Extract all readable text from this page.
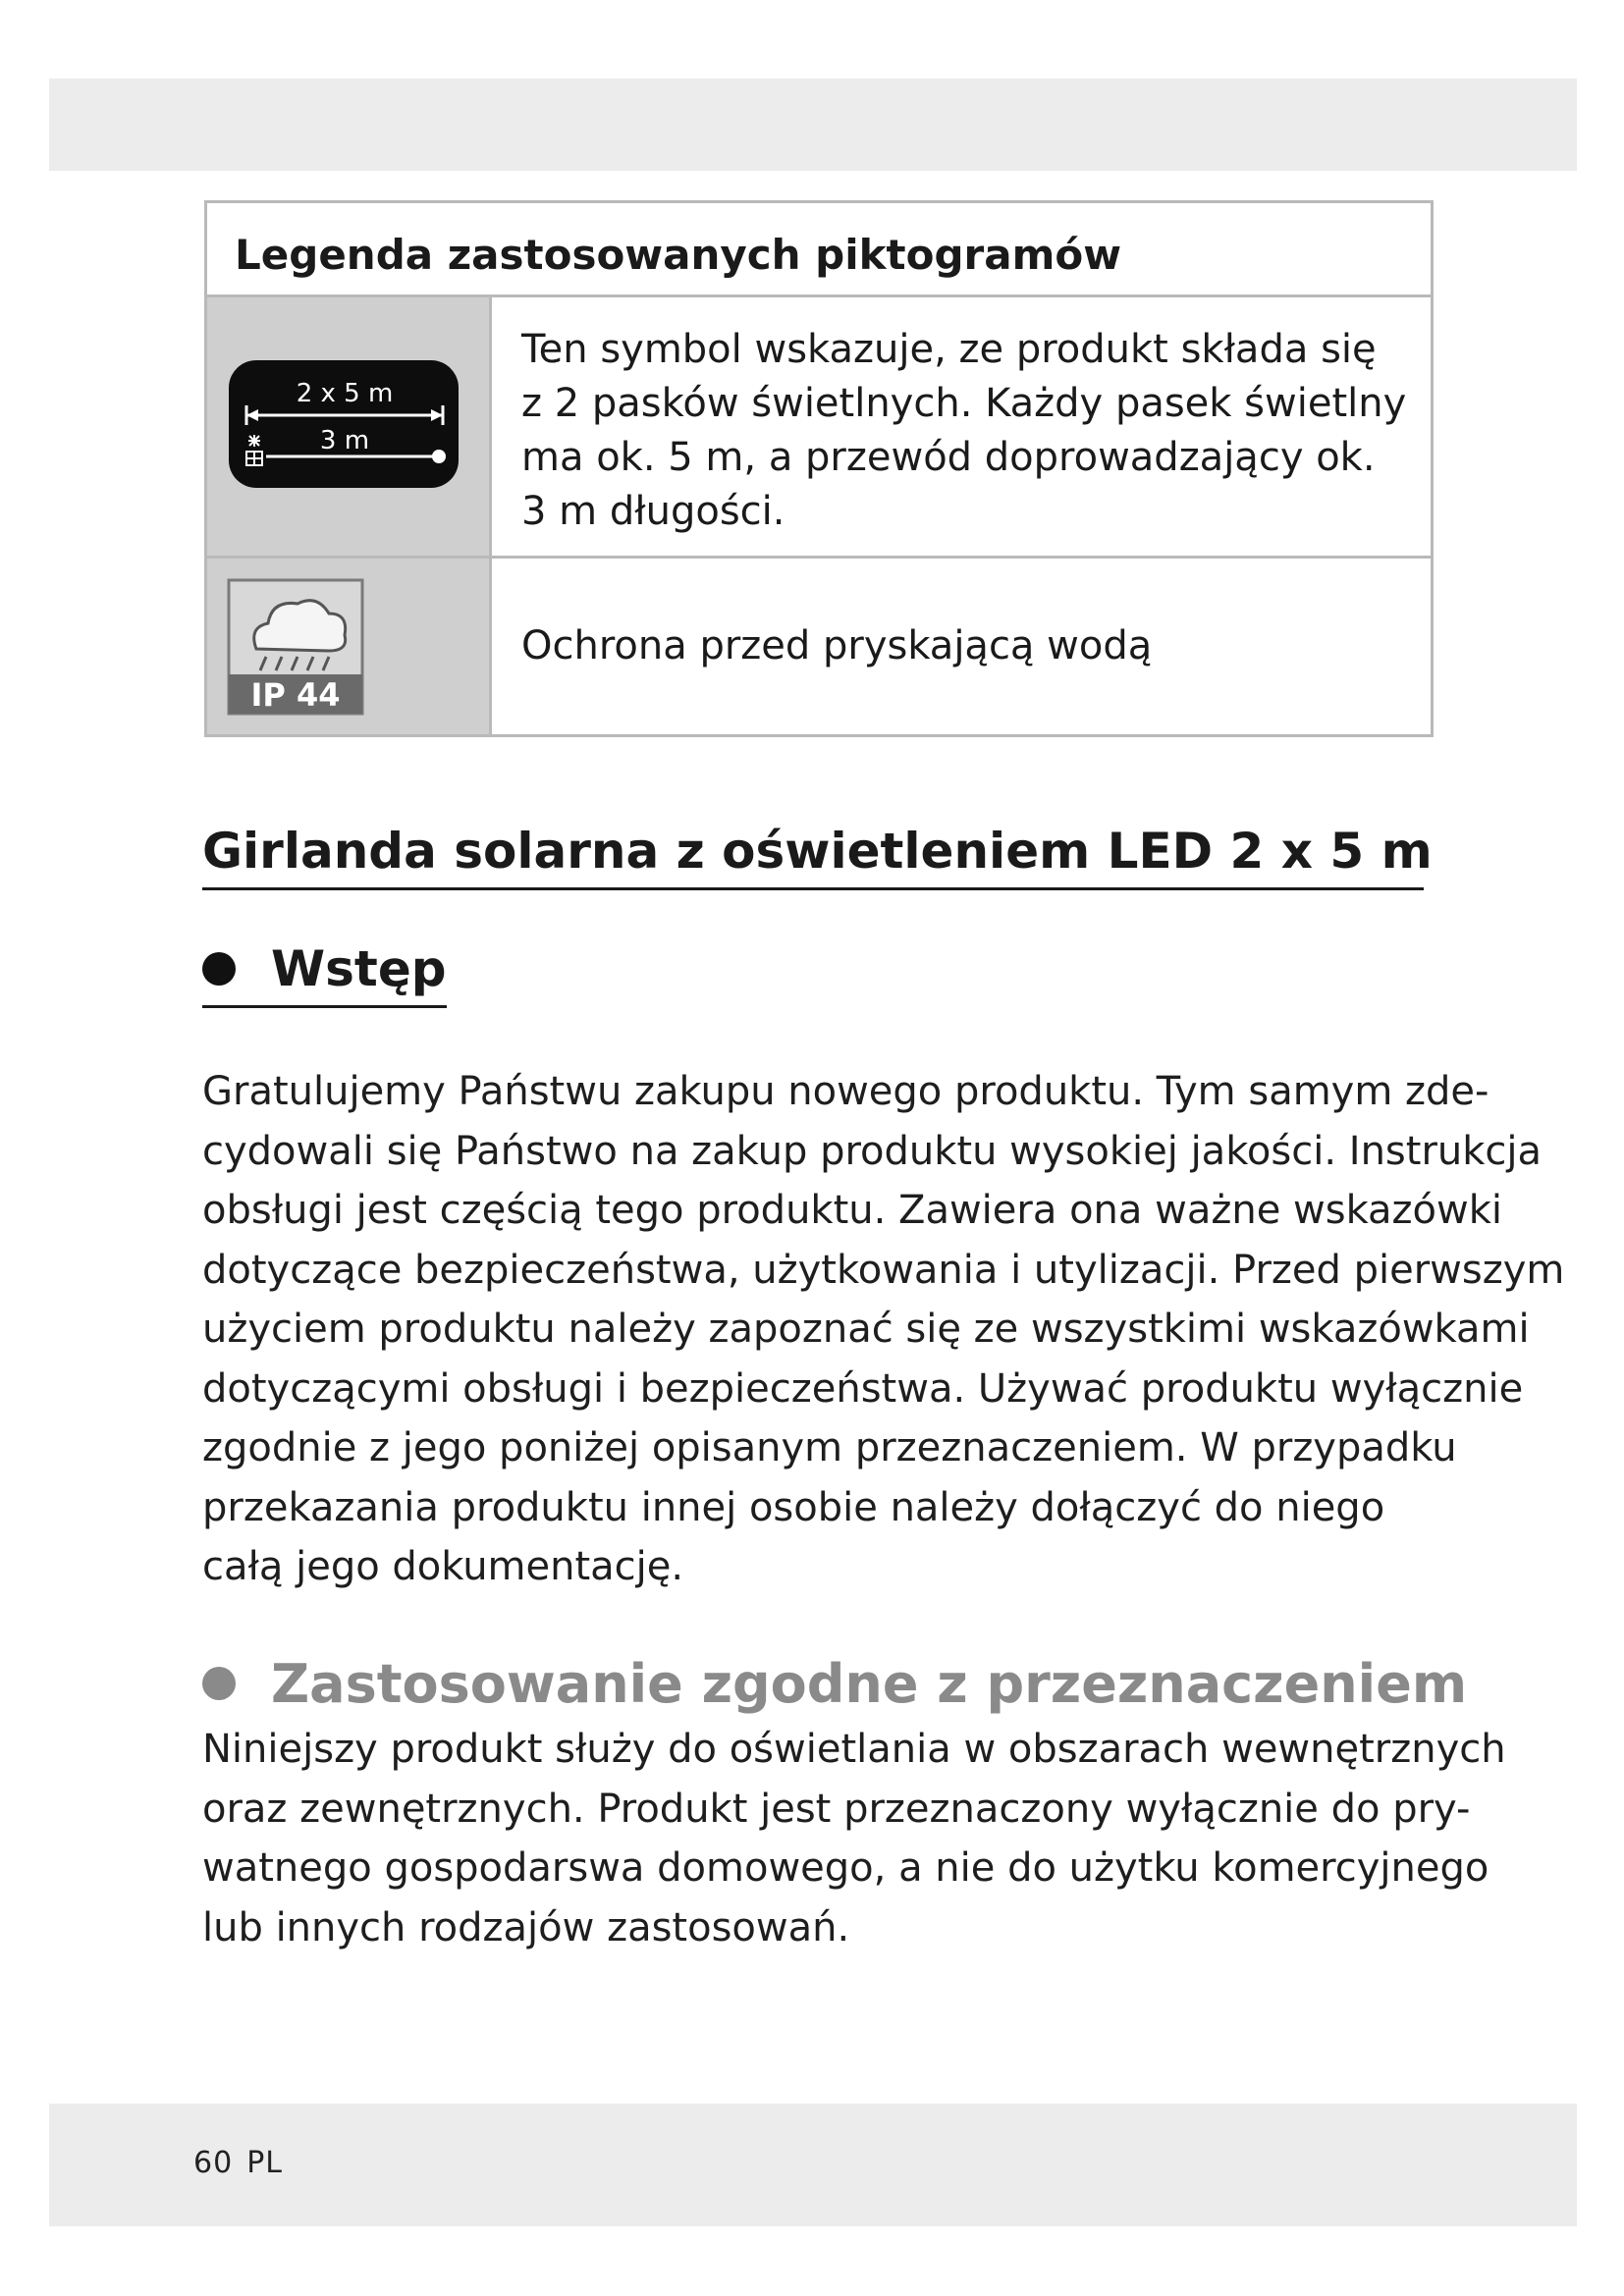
Legenda zastosowanych piktogramów
2 x 5 m
3 m
Ten symbol wskazuje, ze produkt składa się
z 2 pasków świetlnych. Każdy pasek świetlny
ma ok. 5 m, a przewód doprowadzający ok.
3 m długości.
IP 44
Ochrona przed pryskającą wodą
Girlanda solarna z oświetleniem LED 2 x 5 m
Wstęp
Gratulujemy Państwu zakupu nowego produktu. Tym samym zde-
cydowali się Państwo na zakup produktu wysokiej jakości. Instrukcja
obsługi jest częścią tego produktu. Zawiera ona ważne wskazówki
dotyczące bezpieczeństwa, użytkowania i utylizacji. Przed pierwszym
użyciem produktu należy zapoznać się ze wszystkimi wskazówkami
dotyczącymi obsługi i bezpieczeństwa. Używać produktu wyłącznie
zgodnie z jego poniżej opisanym przeznaczeniem. W przypadku
przekazania produktu innej osobie należy dołączyć do niego
całą jego dokumentację.
Zastosowanie zgodne z przeznaczeniem
Niniejszy produkt służy do oświetlania w obszarach wewnętrznych
oraz zewnętrznych. Produkt jest przeznaczony wyłącznie do pry-
watnego gospodarswa domowego, a nie do użytku komercyjnego
lub innych rodzajów zastosowań.
60 PL
